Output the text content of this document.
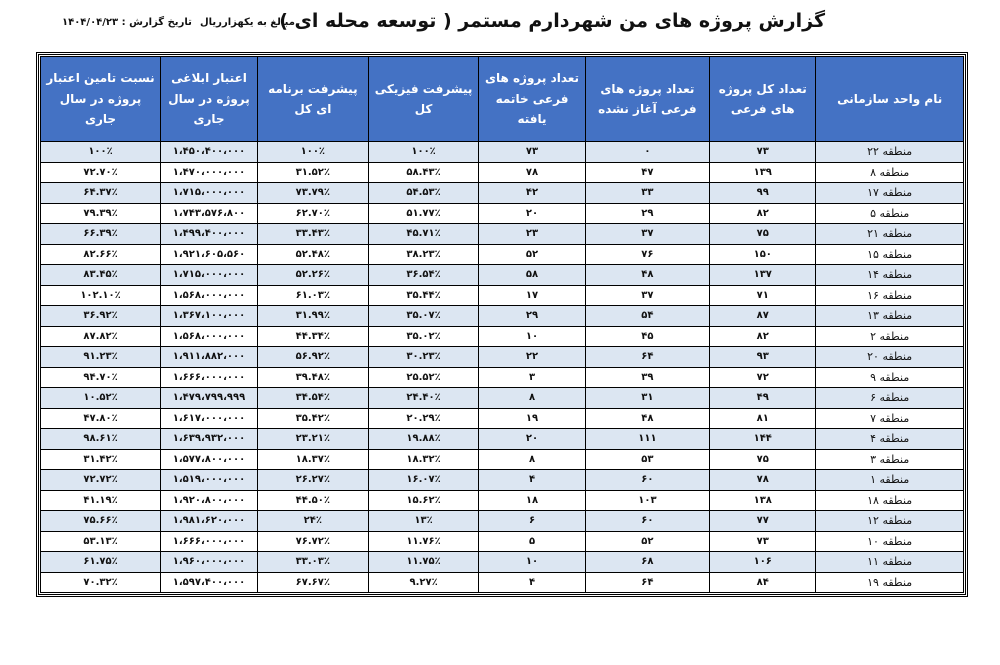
گزارش پروژه های من شهردارم مستمر ( توسعه محله ای )
مبالغ به یکهزارریال
تاریخ گزارش : ۱۴۰۴/۰۴/۲۳
نام واحد سازمانی	تعداد کل پروژه های فرعی	تعداد پروژه های فرعی آغاز نشده	تعداد پروژه های فرعی خاتمه یافته	پیشرفت فیزیکی کل	پیشرفت برنامه ای کل	اعتبار ابلاغی پروژه در سال جاری	نسبت تامین اعتبار پروژه در سال جاری
منطقه ۲۲	۷۳	۰	۷۳	۱۰۰٪	۱۰۰٪	۱،۴۵۰،۴۰۰،۰۰۰	۱۰۰٪
منطقه ۸	۱۳۹	۴۷	۷۸	۵۸.۴۳٪	۳۱.۵۲٪	۱،۴۷۰،۰۰۰،۰۰۰	۷۲.۷۰٪
منطقه ۱۷	۹۹	۳۳	۴۲	۵۴.۵۳٪	۷۳.۷۹٪	۱،۷۱۵،۰۰۰،۰۰۰	۶۴.۳۷٪
منطقه ۵	۸۲	۲۹	۲۰	۵۱.۷۷٪	۶۲.۷۰٪	۱،۷۴۳،۵۷۶،۸۰۰	۷۹.۳۹٪
منطقه ۲۱	۷۵	۳۷	۲۳	۴۵.۷۱٪	۳۳.۴۳٪	۱،۴۹۹،۴۰۰،۰۰۰	۶۶.۳۹٪
منطقه ۱۵	۱۵۰	۷۶	۵۲	۳۸.۲۳٪	۵۲.۴۸٪	۱،۹۲۱،۶۰۵،۵۶۰	۸۲.۶۶٪
منطقه ۱۴	۱۳۷	۴۸	۵۸	۳۶.۵۴٪	۵۲.۲۶٪	۱،۷۱۵،۰۰۰،۰۰۰	۸۳.۴۵٪
منطقه ۱۶	۷۱	۳۷	۱۷	۳۵.۴۴٪	۶۱.۰۳٪	۱،۵۶۸،۰۰۰،۰۰۰	۱۰۲.۱۰٪
منطقه ۱۳	۸۷	۵۴	۲۹	۳۵.۰۷٪	۳۱.۹۹٪	۱،۳۶۷،۱۰۰،۰۰۰	۳۶.۹۲٪
منطقه ۲	۸۲	۴۵	۱۰	۳۵.۰۲٪	۴۴.۳۴٪	۱،۵۶۸،۰۰۰،۰۰۰	۸۷.۸۲٪
منطقه ۲۰	۹۳	۶۴	۲۲	۳۰.۲۳٪	۵۶.۹۲٪	۱،۹۱۱،۸۸۲،۰۰۰	۹۱.۲۳٪
منطقه ۹	۷۲	۳۹	۳	۲۵.۵۲٪	۳۹.۴۸٪	۱،۶۶۶،۰۰۰،۰۰۰	۹۴.۷۰٪
منطقه ۶	۴۹	۳۱	۸	۲۴.۴۰٪	۳۴.۵۴٪	۱،۴۷۹،۷۹۹،۹۹۹	۱۰.۵۲٪
منطقه ۷	۸۱	۴۸	۱۹	۲۰.۲۹٪	۳۵.۴۲٪	۱،۶۱۷،۰۰۰،۰۰۰	۴۷.۸۰٪
منطقه ۴	۱۴۴	۱۱۱	۲۰	۱۹.۸۸٪	۲۳.۲۱٪	۱،۶۳۹،۹۳۲،۰۰۰	۹۸.۶۱٪
منطقه ۳	۷۵	۵۳	۸	۱۸.۳۲٪	۱۸.۳۷٪	۱،۵۷۷،۸۰۰،۰۰۰	۳۱.۴۲٪
منطقه ۱	۷۸	۶۰	۴	۱۶.۰۷٪	۲۶.۲۷٪	۱،۵۱۹،۰۰۰،۰۰۰	۷۲.۷۲٪
منطقه ۱۸	۱۳۸	۱۰۳	۱۸	۱۵.۶۲٪	۴۴.۵۰٪	۱،۹۲۰،۸۰۰،۰۰۰	۴۱.۱۹٪
منطقه ۱۲	۷۷	۶۰	۶	۱۳٪	۲۴٪	۱،۹۸۱،۶۲۰،۰۰۰	۷۵.۶۶٪
منطقه ۱۰	۷۳	۵۲	۵	۱۱.۷۶٪	۷۶.۷۲٪	۱،۶۶۶،۰۰۰،۰۰۰	۵۳.۱۳٪
منطقه ۱۱	۱۰۶	۶۸	۱۰	۱۱.۷۵٪	۳۳.۰۳٪	۱،۹۶۰،۰۰۰،۰۰۰	۶۱.۷۵٪
منطقه ۱۹	۸۴	۶۴	۴	۹.۲۷٪	۶۷.۶۷٪	۱،۵۹۷،۴۰۰،۰۰۰	۷۰.۳۲٪
